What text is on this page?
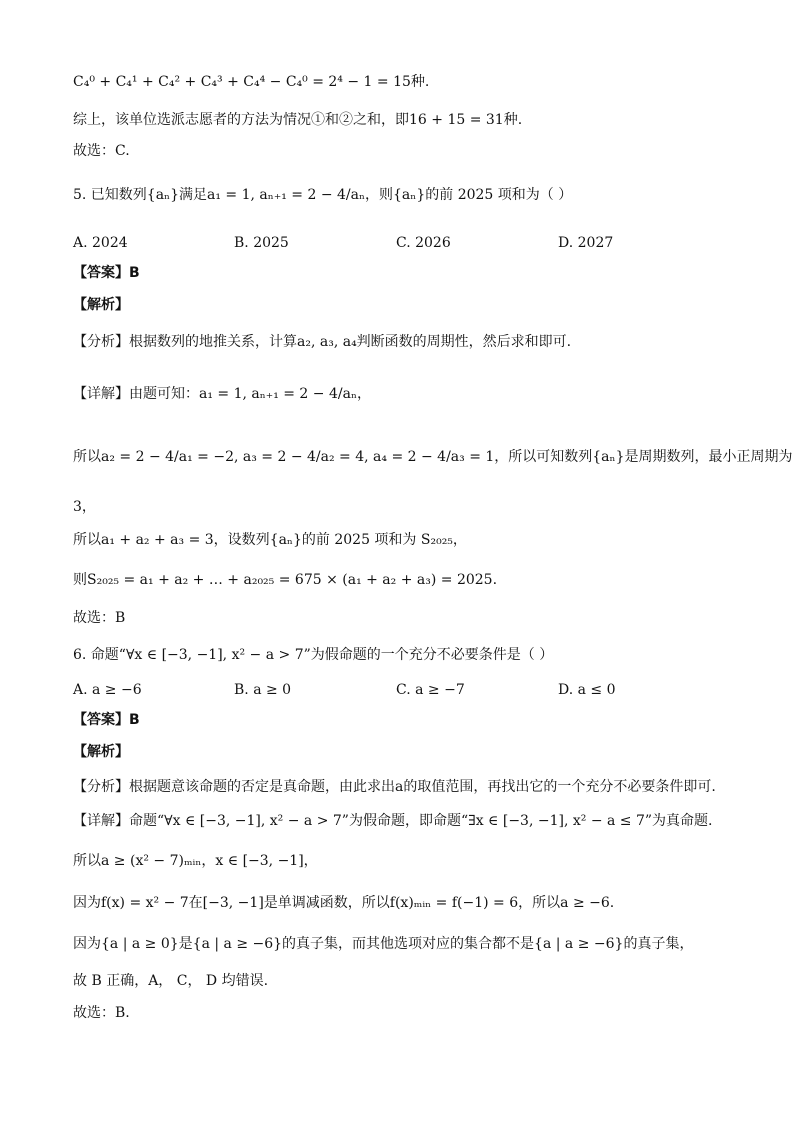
C₄⁰ + C₄¹ + C₄² + C₄³ + C₄⁴ − C₄⁰ = 2⁴ − 1 = 15种.
综上，该单位选派志愿者的方法为情况①和②之和，即16 + 15 = 31种.
故选：C.
5. 已知数列{aₙ}满足a₁ = 1, aₙ₊₁ = 2 − 4/aₙ，则{aₙ}的前 2025 项和为（ ）
A. 2024	B. 2025	C. 2026	D. 2027
【答案】B
【解析】
【分析】根据数列的地推关系，计算a₂, a₃, a₄判断函数的周期性，然后求和即可.
【详解】由题可知：a₁ = 1, aₙ₊₁ = 2 − 4/aₙ，
所以a₂ = 2 − 4/a₁ = −2, a₃ = 2 − 4/a₂ = 4, a₄ = 2 − 4/a₃ = 1，所以可知数列{aₙ}是周期数列，最小正周期为
3，
所以a₁ + a₂ + a₃ = 3，设数列{aₙ}的前 2025 项和为 S₂₀₂₅，
则S₂₀₂₅ = a₁ + a₂ + … + a₂₀₂₅ = 675 × (a₁ + a₂ + a₃) = 2025.
故选：B
6. 命题“∀x ∈ [−3, −1], x² − a > 7”为假命题的一个充分不必要条件是（ ）
A. a ≥ −6	B. a ≥ 0	C. a ≥ −7	D. a ≤ 0
【答案】B
【解析】
【分析】根据题意该命题的否定是真命题，由此求出a的取值范围，再找出它的一个充分不必要条件即可.
【详解】命题“∀x ∈ [−3, −1], x² − a > 7”为假命题，即命题“∃x ∈ [−3, −1], x² − a ≤ 7”为真命题.
所以a ≥ (x² − 7)ₘᵢₙ，x ∈ [−3, −1]，
因为f(x) = x² − 7在[−3, −1]是单调减函数，所以f(x)ₘᵢₙ = f(−1) = 6，所以a ≥ −6.
因为{a | a ≥ 0}是{a | a ≥ −6}的真子集，而其他选项对应的集合都不是{a | a ≥ −6}的真子集，
故 B 正确，A， C， D 均错误.
故选：B.
